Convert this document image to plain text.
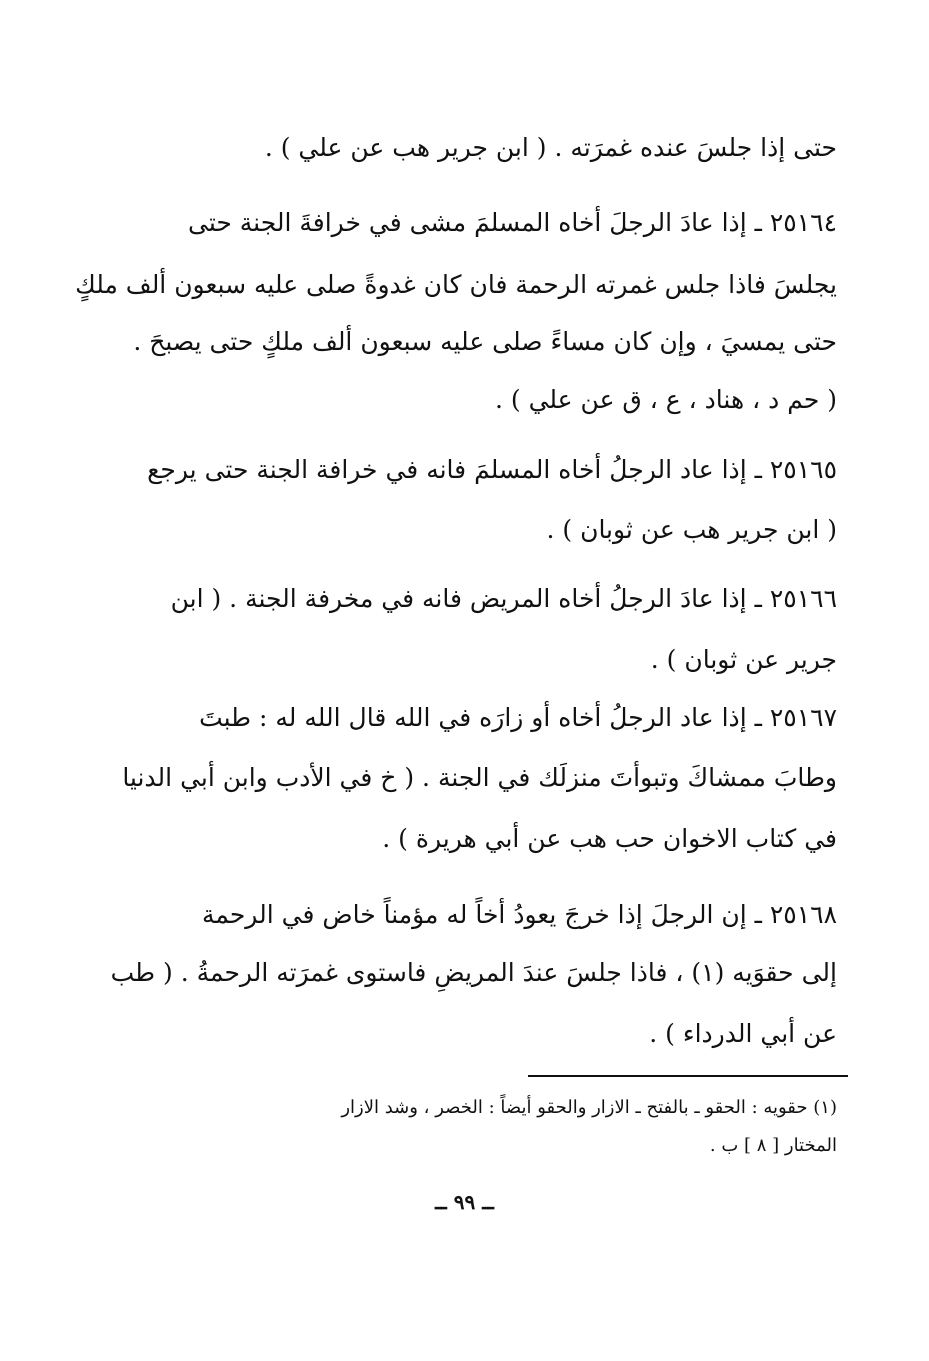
حتى إذا جلسَ عنده غمرَته . ( ابن جرير هب عن علي ) .
٢٥١٦٤ ـ إذا عادَ الرجلَ أخاه المسلمَ مشى في خرافةَ الجنة حتى
يجلسَ فاذا جلس غمرته الرحمة فان كان غدوةً صلى عليه سبعون ألف ملكٍ
حتى يمسيَ ، وإن كان مساءً صلى عليه سبعون ألف ملكٍ حتى يصبحَ .
( حم د ، هناد ، ع ، ق عن علي ) .
٢٥١٦٥ ـ إذا عاد الرجلُ أخاه المسلمَ فانه في خرافة الجنة حتى يرجع
( ابن جرير هب عن ثوبان ) .
٢٥١٦٦ ـ إذا عادَ الرجلُ أخاه المريض فانه في مخرفة الجنة . ( ابن
جرير عن ثوبان ) .
٢٥١٦٧ ـ إذا عاد الرجلُ أخاه أو زارَه في الله قال الله له : طبتَ
وطابَ ممشاكَ وتبوأتَ منزلَك في الجنة . ( خ في الأدب وابن أبي الدنيا
في كتاب الاخوان حب هب عن أبي هريرة ) .
٢٥١٦٨ ـ إن الرجلَ إذا خرجَ يعودُ أخاً له مؤمناً خاض في الرحمة
إلى حقوَيه (١) ، فاذا جلسَ عندَ المريضِ فاستوى غمرَته الرحمةُ . ( طب
عن أبي الدرداء ) .
(١) حقويه : الحقو ـ بالفتح ـ الازار والحقو أيضاً : الخصر ، وشد الازار
المختار [ ٨ ] ب .
ــ ٩٩ ــ
